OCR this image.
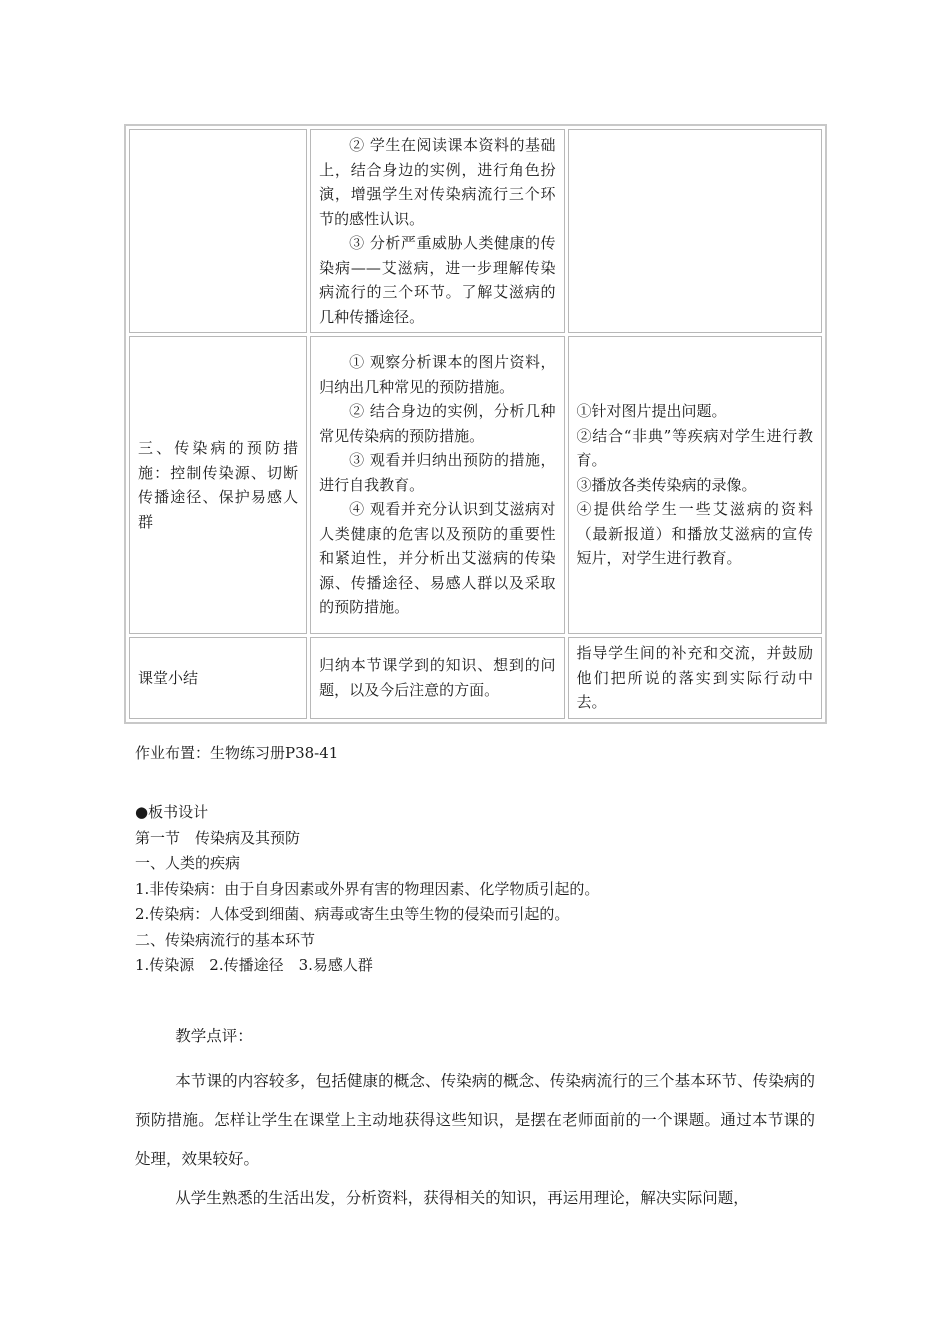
	② 学生在阅读课本资料的基础上，结合身边的实例，进行角色扮演，增强学生对传染病流行三个环节的感性认识。
③ 分析严重威胁人类健康的传染病——艾滋病，进一步理解传染病流行的三个环节。了解艾滋病的几种传播途径。	

三、传染病的预防措施：控制传染源、切断传播途径、保护易感人群	① 观察分析课本的图片资料，归纳出几种常见的预防措施。
② 结合身边的实例，分析几种常见传染病的预防措施。
③ 观看并归纳出预防的措施，进行自我教育。
④ 观看并充分认识到艾滋病对人类健康的危害以及预防的重要性和紧迫性，并分析出艾滋病的传染源、传播途径、易感人群以及采取的预防措施。	①针对图片提出问题。
②结合“非典”等疾病对学生进行教育。
③播放各类传染病的录像。
④提供给学生一些艾滋病的资料（最新报道）和播放艾滋病的宣传短片，对学生进行教育。

课堂小结	归纳本节课学到的知识、想到的问题，以及今后注意的方面。	指导学生间的补充和交流，并鼓励他们把所说的落实到实际行动中去。
作业布置：生物练习册P38-41
●板书设计
第一节　传染病及其预防
一、人类的疾病
1.非传染病：由于自身因素或外界有害的物理因素、化学物质引起的。
2.传染病：人体受到细菌、病毒或寄生虫等生物的侵染而引起的。
二、传染病流行的基本环节
1.传染源　2.传播途径　3.易感人群
教学点评：

本节课的内容较多，包括健康的概念、传染病的概念、传染病流行的三个基本环节、传染病的预防措施。怎样让学生在课堂上主动地获得这些知识，是摆在老师面前的一个课题。通过本节课的处理，效果较好。

从学生熟悉的生活出发，分析资料，获得相关的知识，再运用理论，解决实际问题，
